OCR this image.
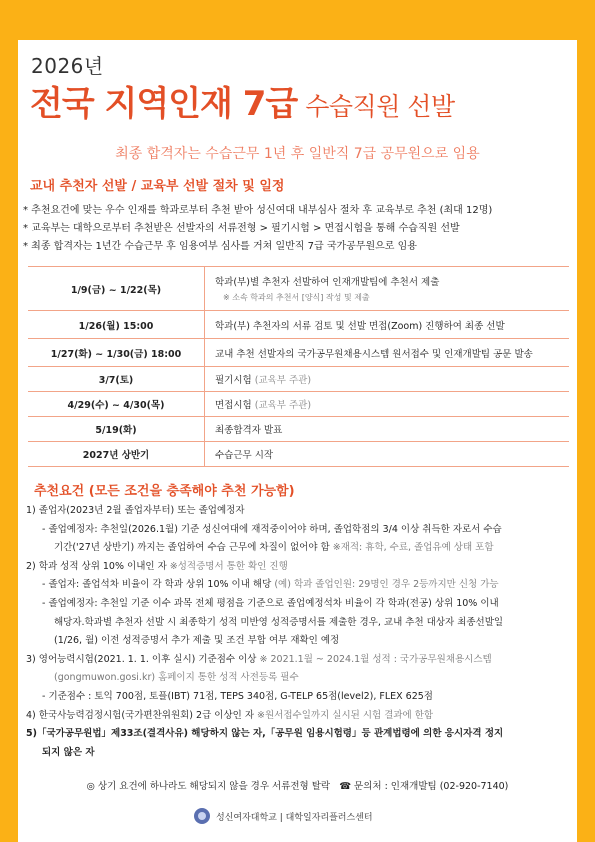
2026년
전국 지역인재 7급 수습직원 선발
최종 합격자는 수습근무 1년 후 일반직 7급 공무원으로 임용
교내 추천자 선발 / 교육부 선발 절차 및 일정
* 추천요건에 맞는 우수 인재를 학과로부터 추천 받아 성신여대 내부심사 절차 후 교육부로 추천 (최대 12명)
* 교육부는 대학으로부터 추천받은 선발자의 서류전형 > 필기시험 > 면접시험을 통해 수습직원 선발
* 최종 합격자는 1년간 수습근무 후 임용여부 심사를 거쳐 일반직 7급 국가공무원으로 임용
1/9(금) ~ 1/22(목)	학과(부)별 추천자 선발하여 인재개발팀에 추천서 제출
※ 소속 학과의 추천서 [양식] 작성 및 제출

1/26(월) 15:00	학과(부) 추천자의 서류 검토 및 선발 면접(Zoom) 진행하여 최종 선발
1/27(화) ~ 1/30(금) 18:00	교내 추천 선발자의 국가공무원채용시스템 원서접수 및 인재개발팀 공문 발송
3/7(토)	필기시험 (교육부 주관)
4/29(수) ~ 4/30(목)	면접시험 (교육부 주관)
5/19(화)	최종합격자 발표
2027년 상반기	수습근무 시작
추천요건 (모든 조건을 충족해야 추천 가능함)
1) 졸업자(2023년 2월 졸업자부터) 또는 졸업예정자
- 졸업예정자: 추천일(2026.1월) 기준 성신여대에 재적중이어야 하며, 졸업학점의 3/4 이상 취득한 자로서 수습
기간('27년 상반기) 까지는 졸업하여 수습 근무에 차질이 없어야 함 ※재적: 휴학, 수료, 졸업유예 상태 포함
2) 학과 성적 상위 10% 이내인 자 ※성적증명서 통한 확인 진행
- 졸업자: 졸업석차 비율이 각 학과 상위 10% 이내 해당 (예) 학과 졸업인원: 29명인 경우 2등까지만 신청 가능
- 졸업예정자: 추천일 기준 이수 과목 전체 평점을 기준으로 졸업예정석차 비율이 각 학과(전공) 상위 10% 이내
해당자.학과별 추천자 선발 시 최종학기 성적 미반영 성적증명서를 제출한 경우, 교내 추천 대상자 최종선발일
(1/26, 월) 이전 성적증명서 추가 제출 및 조건 부합 여부 재확인 예정
3) 영어능력시험(2021. 1. 1. 이후 실시) 기준점수 이상 ※ 2021.1월 ~ 2024.1월 성적 : 국가공무원채용시스템
(gongmuwon.gosi.kr) 홈페이지 통한 성적 사전등록 필수
- 기준점수 : 토익 700점, 토플(IBT) 71점, TEPS 340점, G-TELP 65점(level2), FLEX 625점
4) 한국사능력검정시험(국가편찬위원회) 2급 이상인 자 ※원서접수일까지 실시된 시험 결과에 한함
5)「국가공무원법」제33조(결격사유) 해당하지 않는 자,「공무원 임용시험령」등 관계법령에 의한 응시자격 정지
되지 않은 자
◎ 상기 요건에 하나라도 해당되지 않을 경우 서류전형 탈락 ☎ 문의처 : 인재개발팀 (02-920-7140)
성신여자대학교 | 대학일자리플러스센터
